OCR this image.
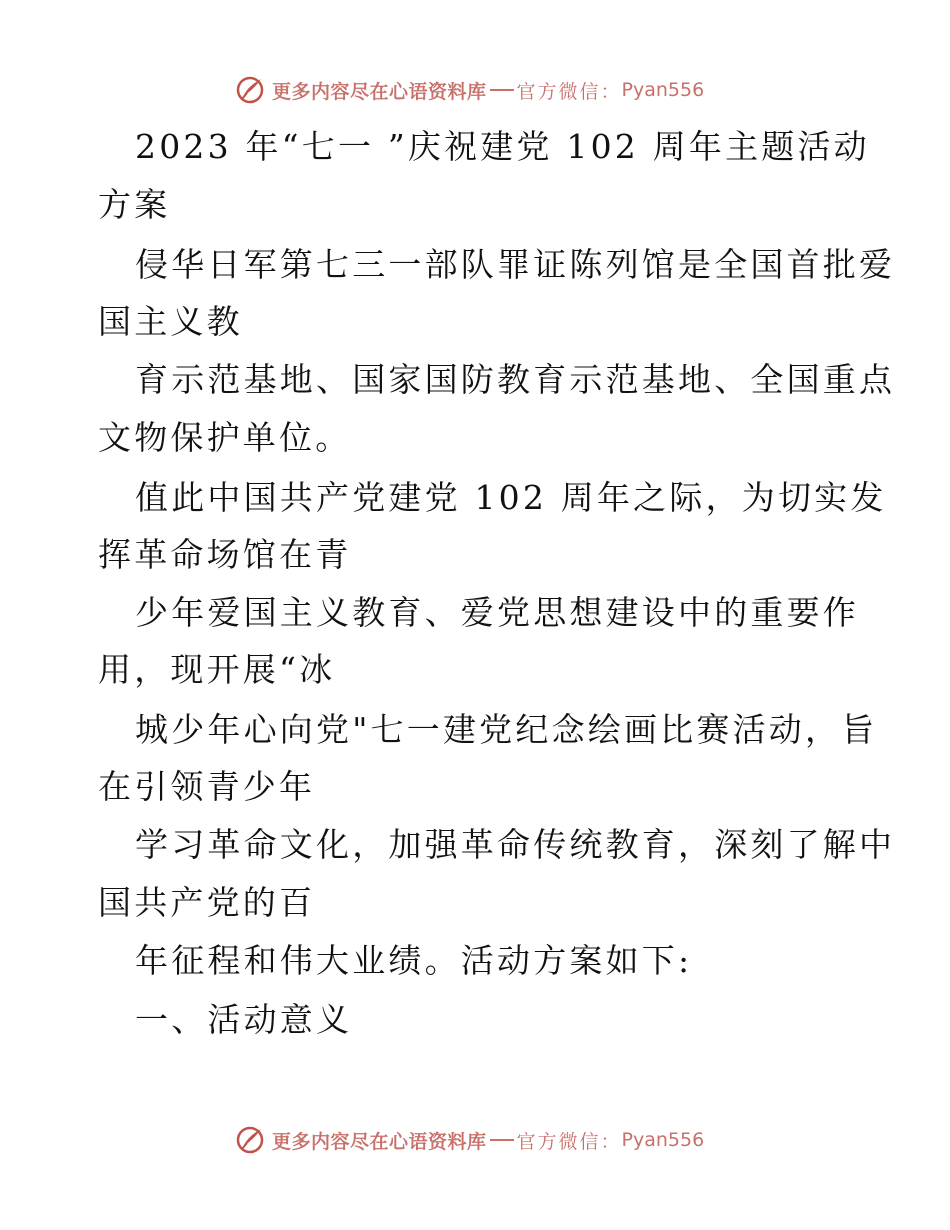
更多内容尽在心语资料库 官方微信： Pyan556
2023 年“七一 ”庆祝建党 102 周年主题活动
方案
侵华日军第七三一部队罪证陈列馆是全国首批爱
国主义教
育示范基地、国家国防教育示范基地、全国重点
文物保护单位。
值此中国共产党建党 102 周年之际，为切实发
挥革命场馆在青
少年爱国主义教育、爱党思想建设中的重要作
用，现开展“冰
城少年心向党"七一建党纪念绘画比赛活动，旨
在引领青少年
学习革命文化，加强革命传统教育，深刻了解中
国共产党的百
年征程和伟大业绩。活动方案如下:
一、活动意义
更多内容尽在心语资料库 官方微信： Pyan556
